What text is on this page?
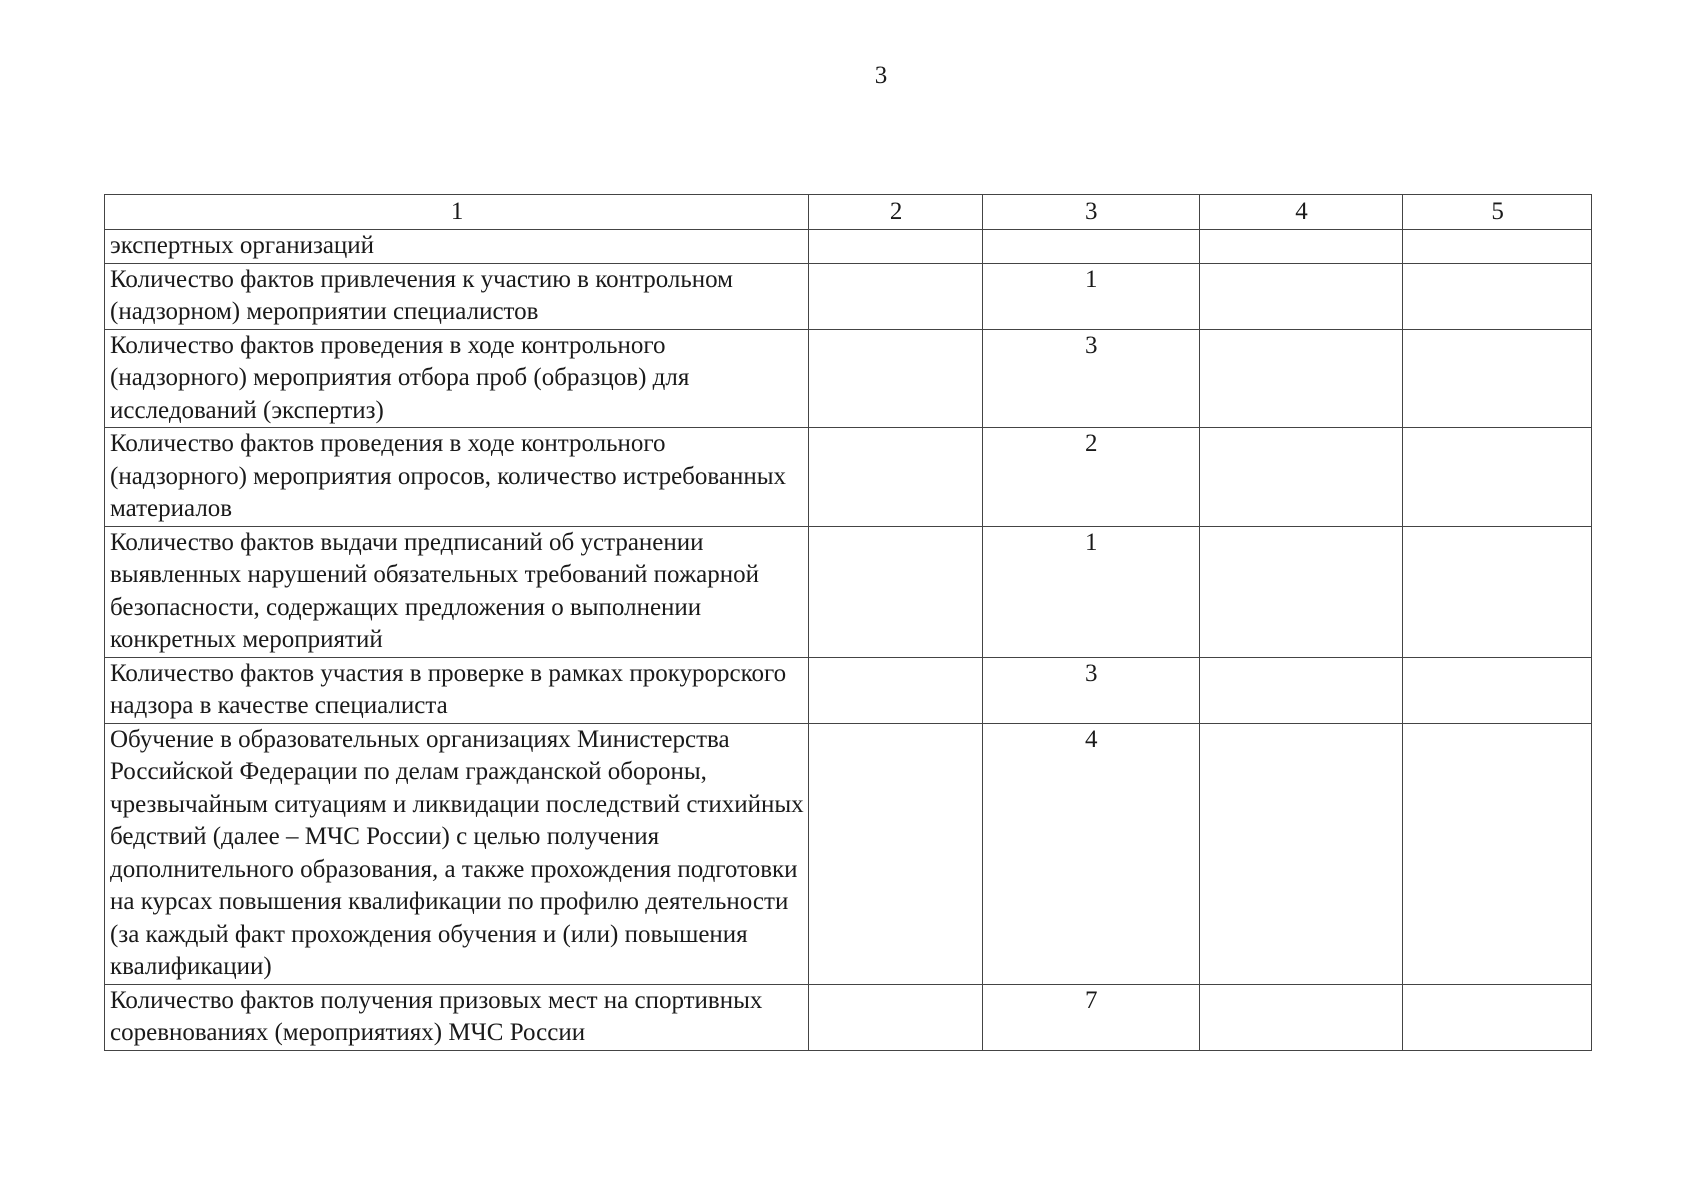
3
1	2	3	4	5
экспертных организаций				
Количество фактов привлечения к участию в контрольном (надзорном) мероприятии специалистов		1		
Количество фактов проведения в ходе контрольного (надзорного) мероприятия отбора проб (образцов) для исследований (экспертиз)		3		
Количество фактов проведения в ходе контрольного (надзорного) мероприятия опросов, количество истребованных материалов		2		
Количество фактов выдачи предписаний об устранении выявленных нарушений обязательных требований пожарной безопасности, содержащих предложения о выполнении конкретных мероприятий		1		
Количество фактов участия в проверке в рамках прокурорского надзора в качестве специалиста		3		
Обучение в образовательных организациях Министерства Российской Федерации по делам гражданской обороны, чрезвычайным ситуациям и ликвидации последствий стихийных бедствий (далее – МЧС России) с целью получения дополнительного образования, а также прохождения подготовки на курсах повышения квалификации по профилю деятельности (за каждый факт прохождения обучения и (или) повышения квалификации)		4		
Количество фактов получения призовых мест на спортивных соревнованиях (мероприятиях) МЧС России		7		
